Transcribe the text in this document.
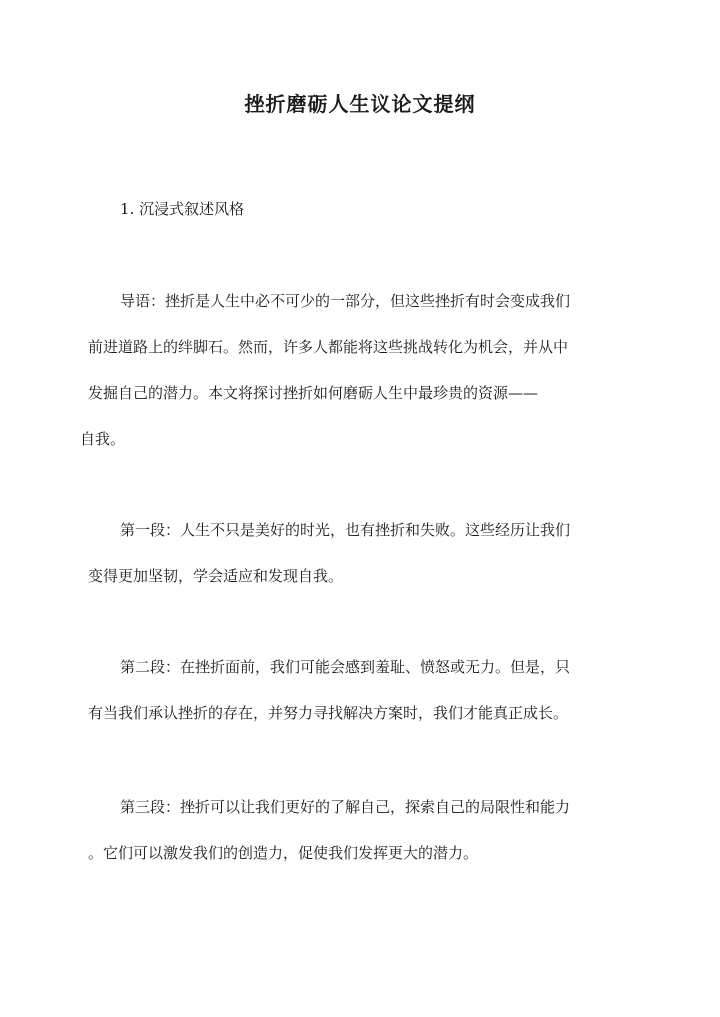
挫折磨砺人生议论文提纲
1. 沉浸式叙述风格
导语：挫折是人生中必不可少的一部分，但这些挫折有时会变成我们
前进道路上的绊脚石。然而，许多人都能将这些挑战转化为机会，并从中
发掘自己的潜力。本文将探讨挫折如何磨砺人生中最珍贵的资源——
自我。
第一段：人生不只是美好的时光，也有挫折和失败。这些经历让我们
变得更加坚韧，学会适应和发现自我。
第二段：在挫折面前，我们可能会感到羞耻、愤怒或无力。但是，只
有当我们承认挫折的存在，并努力寻找解决方案时，我们才能真正成长。
第三段：挫折可以让我们更好的了解自己，探索自己的局限性和能力
。它们可以激发我们的创造力，促使我们发挥更大的潜力。
